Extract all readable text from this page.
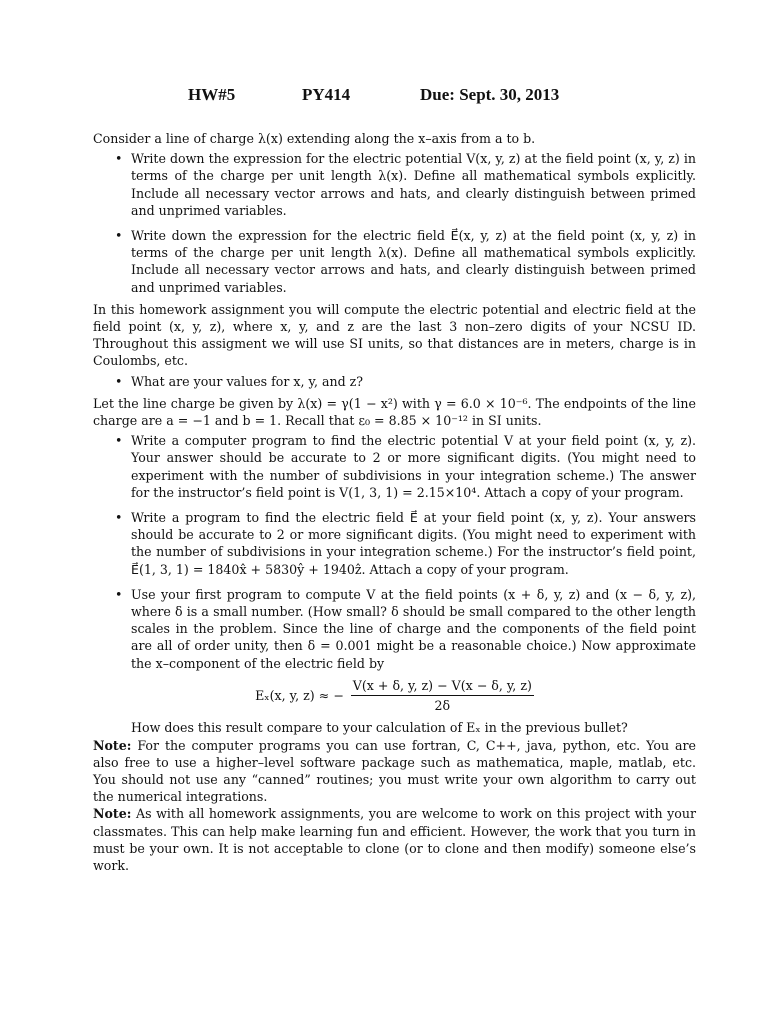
HW#5	PY414	Due: Sept. 30, 2013

Consider a line of charge λ(x) extending along the x–axis from a to b.

• Write down the expression for the electric potential V(x, y, z) at the field point (x, y, z) in terms of the charge per unit length λ(x). Define all mathematical symbols explicitly. Include all necessary vector arrows and hats, and clearly distinguish between primed and unprimed variables.
• Write down the expression for the electric field E⃗(x, y, z) at the field point (x, y, z) in terms of the charge per unit length λ(x). Define all mathematical symbols explicitly. Include all necessary vector arrows and hats, and clearly distinguish between primed and unprimed variables.

In this homework assignment you will compute the electric potential and electric field at the field point (x, y, z), where x, y, and z are the last 3 non–zero digits of your NCSU ID. Throughout this assigment we will use SI units, so that distances are in meters, charge is in Coulombs, etc.

• What are your values for x, y, and z?

Let the line charge be given by λ(x) = γ(1 − x²) with γ = 6.0 × 10⁻⁶. The endpoints of the line charge are a = −1 and b = 1. Recall that ε₀ = 8.85 × 10⁻¹² in SI units.

• Write a computer program to find the electric potential V at your field point (x, y, z). Your answer should be accurate to 2 or more significant digits. (You might need to experiment with the number of subdivisions in your integration scheme.) The answer for the instructor’s field point is V(1, 3, 1) = 2.15×10⁴. Attach a copy of your program.
• Write a program to find the electric field E⃗ at your field point (x, y, z). Your answers should be accurate to 2 or more significant digits. (You might need to experiment with the number of subdivisions in your integration scheme.) For the instructor’s field point, E⃗(1, 3, 1) = 1840x̂ + 5830ŷ + 1940ẑ. Attach a copy of your program.
• Use your first program to compute V at the field points (x + δ, y, z) and (x − δ, y, z), where δ is a small number. (How small? δ should be small compared to the other length scales in the problem. Since the line of charge and the components of the field point are all of order unity, then δ = 0.001 might be a reasonable choice.) Now approximate the x–component of the electric field by
Eₓ(x, y, z) ≈ − $\frac{V(x + \delta, y, z) - V(x - \delta, y, z)}{2\delta}$

How does this result compare to your calculation of Eₓ in the previous bullet?

Note: For the computer programs you can use fortran, C, C++, java, python, etc. You are also free to use a higher–level software package such as mathematica, maple, matlab, etc. You should not use any “canned” routines; you must write your own algorithm to carry out the numerical integrations.

Note: As with all homework assignments, you are welcome to work on this project with your classmates. This can help make learning fun and efficient. However, the work that you turn in must be your own. It is not acceptable to clone (or to clone and then modify) someone else’s work.
